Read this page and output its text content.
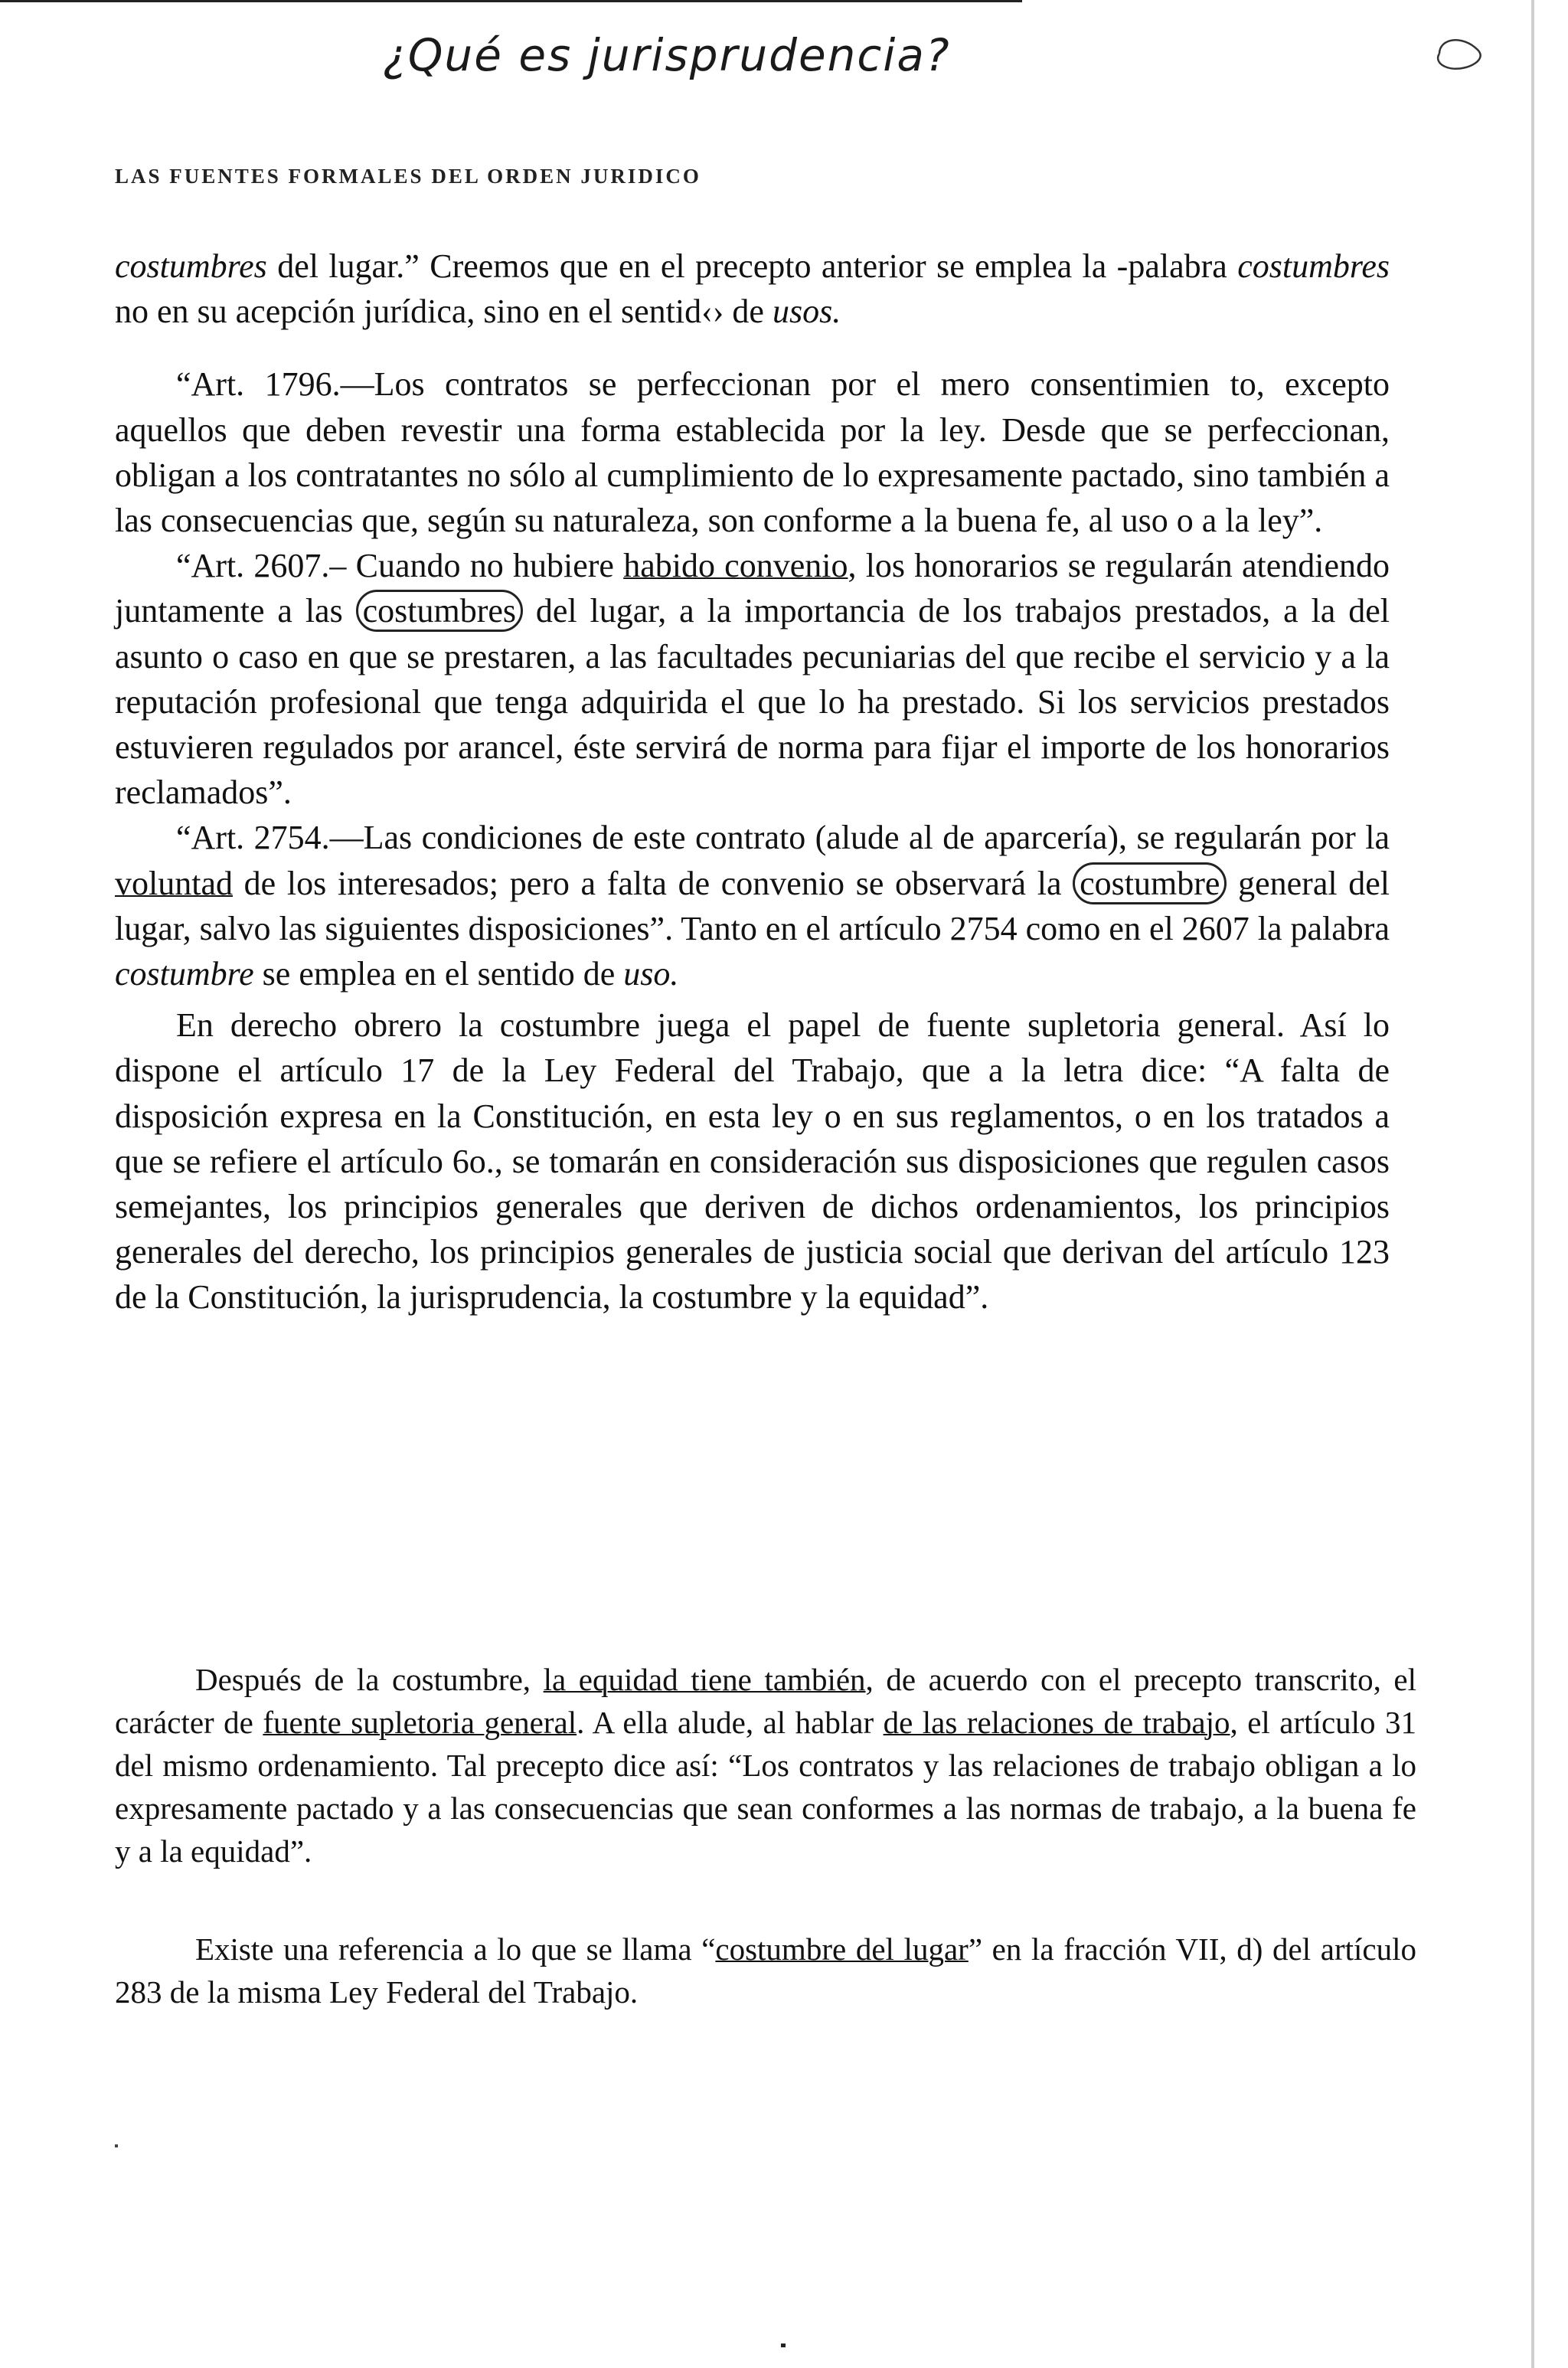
¿Qué es jurisprudencia?
LAS FUENTES FORMALES DEL ORDEN JURIDICO

costumbres del lugar.” Creemos que en el precepto anterior se emplea la -palabra costumbres no en su acepción jurídica, sino en el sentid‹› de usos.

“Art. 1796.—Los contratos se perfeccionan por el mero consentimien to, excepto aquellos que deben revestir una forma establecida por la ley. Desde que se perfeccionan, obligan a los contratantes no sólo al cumplimiento de lo expresamente pactado, sino también a las consecuencias que, según su naturaleza, son conforme a la buena fe, al uso o a la ley”.

“Art. 2607.– Cuando no hubiere habido convenio, los honorarios se regularán atendiendo juntamente a las costumbres del lugar, a la importancia de los trabajos prestados, a la del asunto o caso en que se prestaren, a las facultades pecuniarias del que recibe el servicio y a la reputación profesional que tenga adquirida el que lo ha prestado. Si los servicios prestados estuvieren regulados por arancel, éste servirá de norma para fijar el importe de los honorarios reclamados”.

“Art. 2754.—Las condiciones de este contrato (alude al de aparcería), se regularán por la voluntad de los interesados; pero a falta de convenio se observará la costumbre general del lugar, salvo las siguientes disposiciones”. Tanto en el artículo 2754 como en el 2607 la palabra costumbre se emplea en el sentido de uso.

En derecho obrero la costumbre juega el papel de fuente supletoria general. Así lo dispone el artículo 17 de la Ley Federal del Trabajo, que a la letra dice: “A falta de disposición expresa en la Constitución, en esta ley o en sus reglamentos, o en los tratados a que se refiere el artículo 6o., se tomarán en consideración sus disposiciones que regulen casos semejantes, los principios generales que deriven de dichos ordenamientos, los principios generales del derecho, los principios generales de justicia social que derivan del artículo 123 de la Constitución, la jurisprudencia, la costumbre y la equidad”.

Después de la costumbre, la equidad tiene también, de acuerdo con el precepto transcrito, el carácter de fuente supletoria general. A ella alude, al hablar de las relaciones de trabajo, el artículo 31 del mismo ordenamiento. Tal precepto dice así: “Los contratos y las relaciones de trabajo obligan a lo expresamente pactado y a las consecuencias que sean conformes a las normas de trabajo, a la buena fe y a la equidad”.

Existe una referencia a lo que se llama “costumbre del lugar” en la fracción VII, d) del artículo 283 de la misma Ley Federal del Trabajo.
